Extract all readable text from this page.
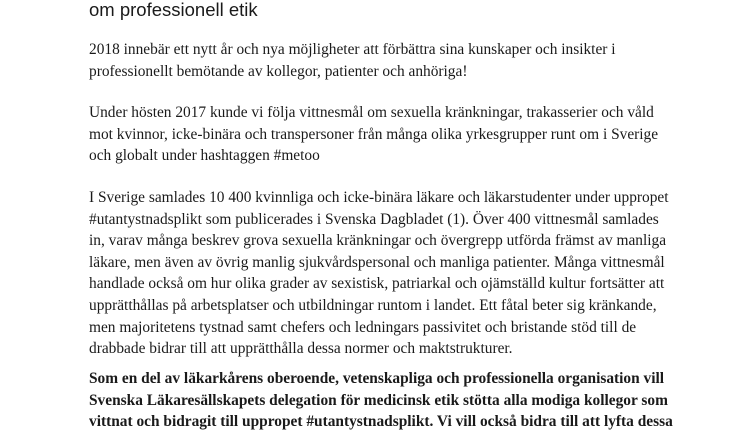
om professionell etik

2018 innebär ett nytt år och nya möjligheter att förbättra sina kunskaper och insikter i
professionellt bemötande av kollegor, patienter och anhöriga!

Under hösten 2017 kunde vi följa vittnesmål om sexuella kränkningar, trakasserier och våld
mot kvinnor, icke-binära och transpersoner från många olika yrkesgrupper runt om i Sverige
och globalt under hashtaggen #metoo

I Sverige samlades 10 400 kvinnliga och icke-binära läkare och läkarstudenter under uppropet
#utantystnadsplikt som publicerades i Svenska Dagbladet (1). Över 400 vittnesmål samlades
in, varav många beskrev grova sexuella kränkningar och övergrepp utförda främst av manliga
läkare, men även av övrig manlig sjukvårdspersonal och manliga patienter. Många vittnesmål
handlade också om hur olika grader av sexistisk, patriarkal och ojämställd kultur fortsätter att
upprätthållas på arbetsplatser och utbildningar runtom i landet. Ett fåtal beter sig kränkande,
men majoritetens tystnad samt chefers och ledningars passivitet och bristande stöd till de
drabbade bidrar till att upprätthålla dessa normer och maktstrukturer.

Som en del av läkarkårens oberoende, vetenskapliga och professionella organisation vill
Svenska Läkaresällskapets delegation för medicinsk etik stötta alla modiga kollegor som
vittnat och bidragit till uppropet #utantystnadsplikt. Vi vill också bidra till att lyfta dessa
